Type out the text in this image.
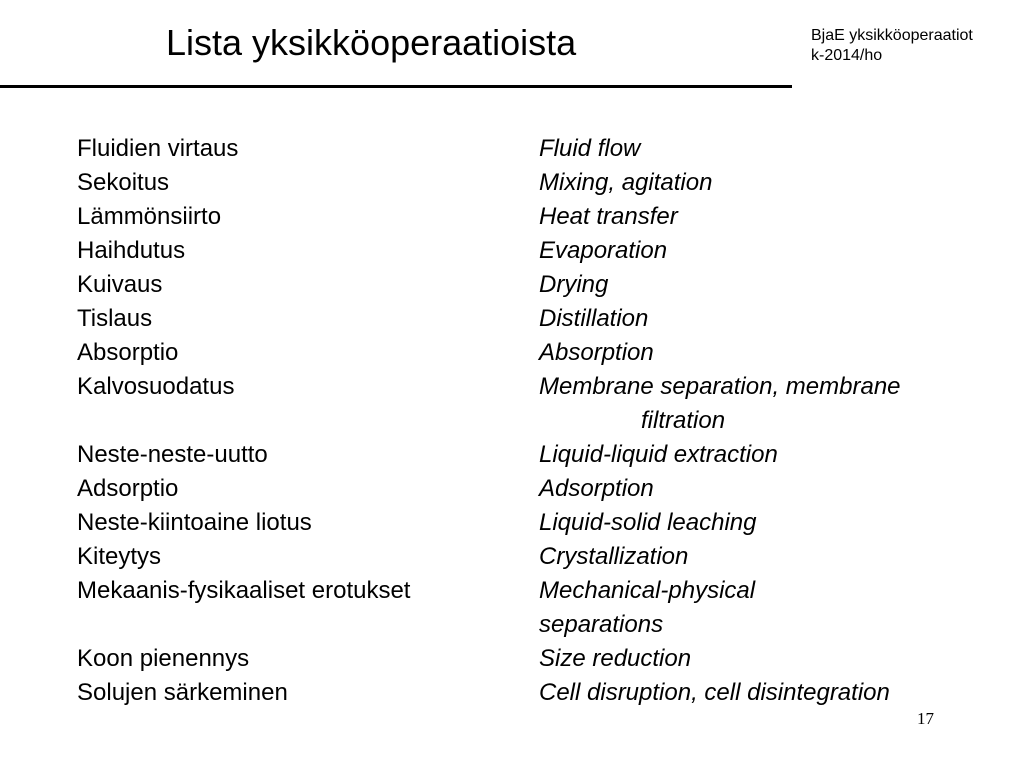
Lista yksikköoperaatioista	BjaE yksikköoperaatiot
k-2014/ho
Fluidien virtaus	Fluid flow
Sekoitus	Mixing, agitation
Lämmönsiirto	Heat transfer
Haihdutus	Evaporation
Kuivaus	Drying
Tislaus	Distillation
Absorptio	Absorption
Kalvosuodatus	Membrane separation, membrane
filtration
Neste-neste-uutto	Liquid-liquid extraction
Adsorptio	Adsorption
Neste-kiintoaine liotus	Liquid-solid leaching
Kiteytys	Crystallization
Mekaanis-fysikaaliset erotukset	Mechanical-physical
separations
Koon pienennys	Size reduction
Solujen särkeminen	Cell disruption, cell disintegration
17
